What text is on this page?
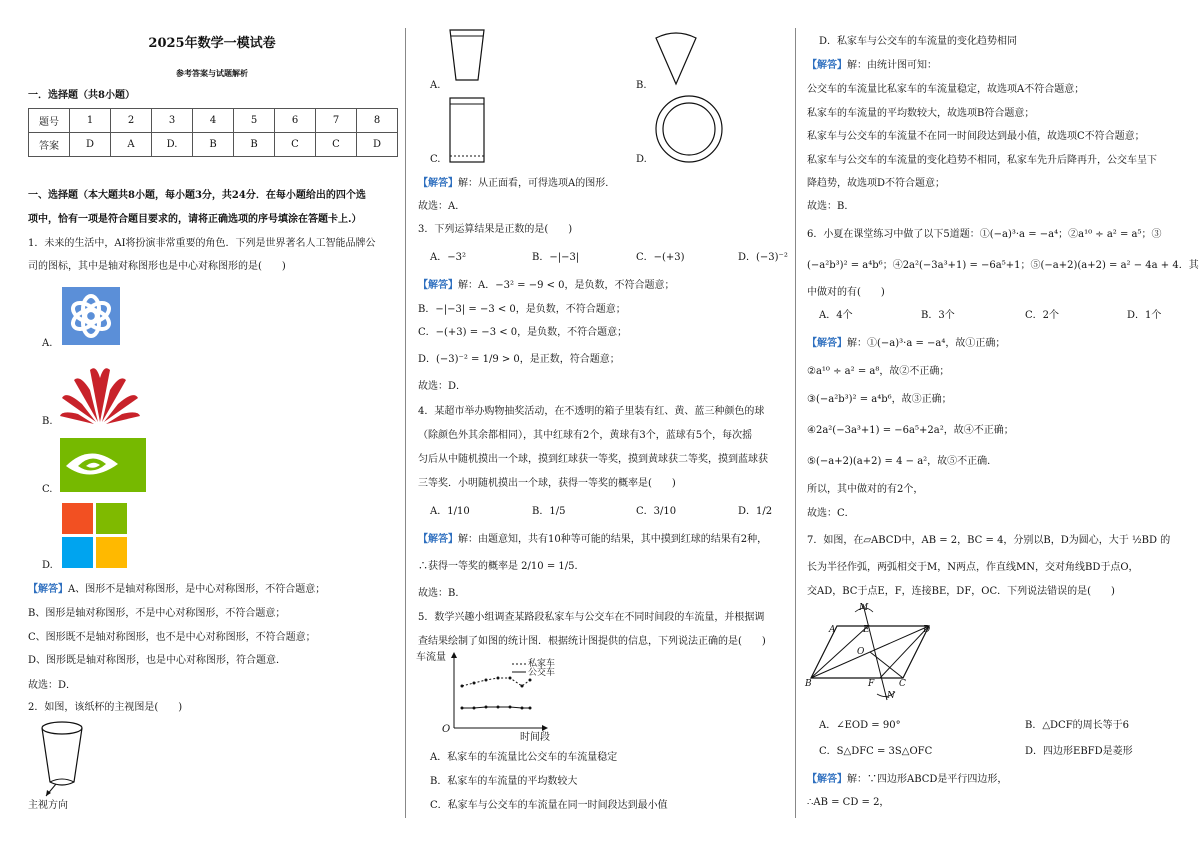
2025年数学一模试卷
参考答案与试题解析
一．选择题（共8小题）
题号	1	2	3	4	5	6	7	8
答案	D	A	D.	B	B	C	C	D
一、选择题（本大题共8小题，每小题3分，共24分．在每小题给出的四个选
项中，恰有一项是符合题目要求的，请将正确选项的序号填涂在答题卡上.）
1．未来的生活中，AI将扮演非常重要的角色．下列是世界著名人工智能品牌公
司的图标，其中是轴对称图形也是中心对称图形的是(　　)
A.
B.
C.
D.
【解答】A、图形不是轴对称图形，是中心对称图形，不符合题意；
B、图形是轴对称图形，不是中心对称图形，不符合题意；
C、图形既不是轴对称图形，也不是中心对称图形，不符合题意；
D、图形既是轴对称图形，也是中心对称图形，符合题意．
故选：D．
2．如图，该纸杯的主视图是(　　)
主视方向
A.	B.
C.	D.
【解答】解：从正面看，可得选项A的图形．
故选：A．
3．下列运算结果是正数的是(　　)
A．−3²	B．−|−3|	C．−(+3)	D．(−3)⁻²
【解答】解：A．−3² = −9 < 0，是负数，不符合题意；
B．−|−3| = −3 < 0，是负数，不符合题意；
C．−(+3) = −3 < 0，是负数，不符合题意；
D．(−3)⁻² = 1/9 > 0，是正数，符合题意；
故选：D．
4．某超市举办购物抽奖活动，在不透明的箱子里装有红、黄、蓝三种颜色的球
（除颜色外其余都相同），其中红球有2个，黄球有3个，蓝球有5个，每次摇
匀后从中随机摸出一个球，摸到红球获一等奖，摸到黄球获二等奖，摸到蓝球获
三等奖．小明随机摸出一个球，获得一等奖的概率是(　　)
A．1/10	B．1/5	C．3/10	D．1/2
【解答】解：由题意知，共有10种等可能的结果，其中摸到红球的结果有2种，
∴获得一等奖的概率是 2/10 = 1/5．
故选：B．
5．数学兴趣小组调查某路段私家车与公交车在不同时间段的车流量，并根据调
查结果绘制了如图的统计图．根据统计图提供的信息，下列说法正确的是(　　)
车流量
私家车
公交车
O
时间段
A．私家车的车流量比公交车的车流量稳定
B．私家车的车流量的平均数较大
C．私家车与公交车的车流量在同一时间段达到最小值
D．私家车与公交车的车流量的变化趋势相同
【解答】解：由统计图可知：
公交车的车流量比私家车的车流量稳定，故选项A不符合题意；
私家车的车流量的平均数较大，故选项B符合题意；
私家车与公交车的车流量不在同一时间段达到最小值，故选项C不符合题意；
私家车与公交车的车流量的变化趋势不相同，私家车先升后降再升，公交车呈下
降趋势，故选项D不符合题意；
故选：B．
6．小夏在课堂练习中做了以下5道题：①(−a)³·a = −a⁴；②a¹⁰ ÷ a² = a⁵；③
(−a²b³)² = a⁴b⁶；④2a²(−3a³+1) = −6a⁵+1；⑤(−a+2)(a+2) = a² − 4a + 4．其
中做对的有(　　)
A．4个	B．3个	C．2个	D．1个
【解答】解：①(−a)³·a = −a⁴，故①正确；
②a¹⁰ ÷ a² = a⁸，故②不正确；
③(−a²b³)² = a⁴b⁶，故③正确；
④2a²(−3a³+1) = −6a⁵+2a²，故④不正确；
⑤(−a+2)(a+2) = 4 − a²，故⑤不正确．
所以，其中做对的有2个，
故选：C．
7．如图，在▱ABCD中，AB = 2，BC = 4，分别以B，D为圆心，大于 ½BD 的
长为半径作弧，两弧相交于M，N两点，作直线MN，交对角线BD于点O，
交AD，BC于点E，F，连接BE，DF，OC．下列说法错误的是(　　)
M
A	E	D
O
B	F	C
N
A．∠EOD = 90°	B．△DCF的周长等于6
C．S△DFC = 3S△OFC	D．四边形EBFD是菱形
【解答】解：∵四边形ABCD是平行四边形，
∴AB = CD = 2，
